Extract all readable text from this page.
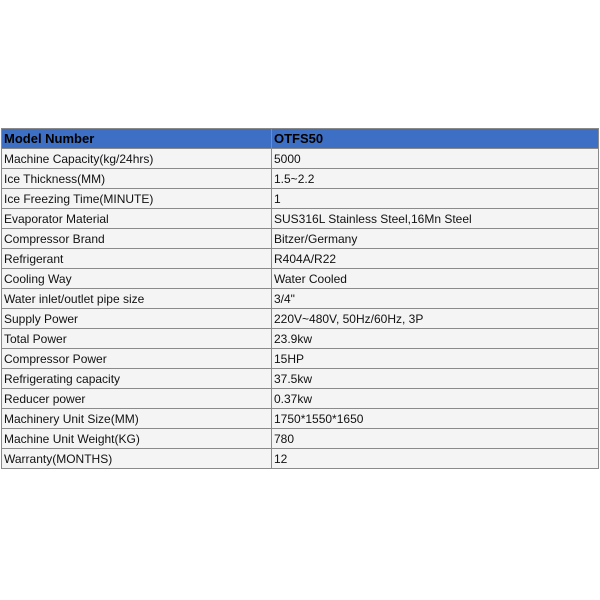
Model Number	OTFS50
Machine Capacity(kg/24hrs)	5000
Ice Thickness(MM)	1.5~2.2
Ice Freezing Time(MINUTE)	1
Evaporator Material	SUS316L Stainless Steel,16Mn Steel
Compressor Brand	Bitzer/Germany
Refrigerant	R404A/R22
Cooling Way	Water Cooled
Water inlet/outlet pipe size	3/4"
Supply Power	220V~480V, 50Hz/60Hz, 3P
Total Power	23.9kw
Compressor Power	15HP
Refrigerating capacity	37.5kw
Reducer power	0.37kw
Machinery Unit Size(MM)	1750*1550*1650
Machine Unit Weight(KG)	780
Warranty(MONTHS)	12
